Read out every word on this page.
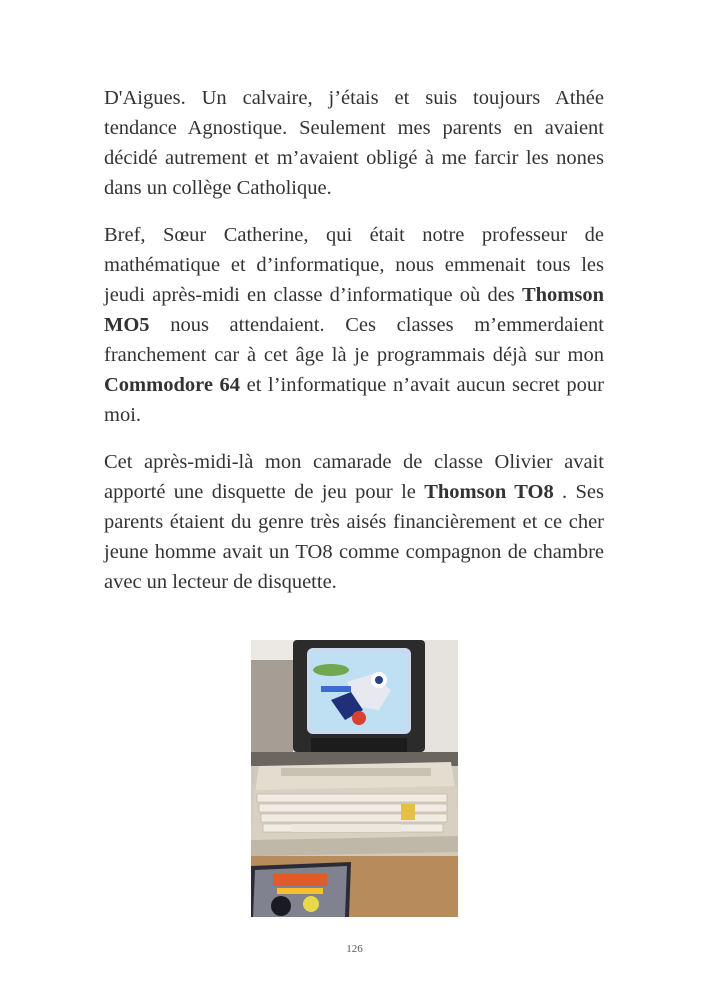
D'Aigues. Un calvaire, j’étais et suis toujours Athée tendance Agnostique. Seulement mes parents en avaient décidé autrement et m’avaient obligé à me farcir les nones dans un collège Catholique.

Bref, Sœur Catherine, qui était notre professeur de mathématique et d’informatique, nous emmenait tous les jeudi après-midi en classe d’informatique où des Thomson MO5 nous attendaient. Ces classes m’emmerdaient franchement car à cet âge là je programmais déjà sur mon Commodore 64 et l’informatique n’avait aucun secret pour moi.

Cet après-midi-là mon camarade de classe Olivier avait apporté une disquette de jeu pour le Thomson TO8 . Ses parents étaient du genre très aisés financièrement et ce cher jeune homme avait un TO8 comme compagnon de chambre avec un lecteur de disquette.

126
